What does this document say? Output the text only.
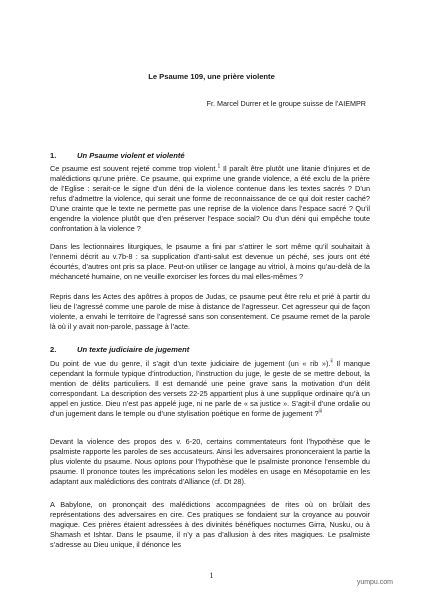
Le Psaume 109, une prière violente
Fr. Marcel Durrer et le groupe suisse de l’AIEMPR
1.	Un Psaume violent et violenté

Ce psaume est souvent rejeté comme trop violent.$^1$ Il paraît être plutôt une litanie d’injures et de malédictions qu’une prière. Ce psaume, qui exprime une grande violence, a été exclu de la prière de l’Eglise : serait-ce le signe d’un déni de la violence contenue dans les textes sacrés ? D’un refus d’admettre la violence, qui serait une forme de reconnaissance de ce qui doit rester caché? D’une crainte que le texte ne permette pas une reprise de la violence dans l’espace sacré ? Qu’il engendre la violence plutôt que d’en préserver l’espace social? Ou d’un déni qui empêche toute confrontation à la violence ?

Dans les lectionnaires liturgiques, le psaume a fini par s’attirer le sort même qu’il souhaitait à l’ennemi décrit au v.7b-8 : sa supplication d’anti-salut est devenue un péché, ses jours ont été écourtés, d’autres ont pris sa place. Peut-on utiliser ce langage au vitriol, à moins qu’au-delà de la méchanceté humaine, on ne veuille exorciser les forces du mal elles-mêmes ?

Repris dans les Actes des apôtres à propos de Judas, ce psaume peut être relu et prié à partir du lieu de l’agressé comme une parole de mise à distance de l’agresseur. Cet agresseur qui de façon violente, a envahi le territoire de l’agressé sans son consentement. Ce psaume remet de la parole là où il y avait non-parole, passage à l’acte.

2.	Un texte judiciaire de jugement

Du point de vue du genre, il s’agit d’un texte judiciaire de jugement (un « rib »).$^{ii}$ Il manque cependant la formule typique d’introduction, l’instruction du juge, le geste de se mettre debout, la mention de délits particuliers. Il est demandé une peine grave sans la motivation d’un délit correspondant. La description des versets 22-25 appartient plus à une supplique ordinaire qu’à un appel en justice. Dieu n’est pas appelé juge, ni ne parle de « sa justice ». S’agit-il d’une ordalie ou d’un jugement dans le temple ou d’une stylisation poétique en forme de jugement ?$^{iii}$

Devant la violence des propos des v. 6-20, certains commentateurs font l’hypothèse que le psalmiste rapporte les paroles de ses accusateurs. Ainsi les adversaires prononceraient la partie la plus violente du psaume. Nous optons pour l’hypothèse que le psalmiste prononce l’ensemble du psaume. Il prononce toutes les imprécations selon les modèles en usage en Mésopotamie en les adaptant aux malédictions des contrats d’Alliance (cf. Dt 28).

A Babylone, on prononçait des malédictions accompagnées de rites où on brûlait des représentations des adversaires en cire. Ces pratiques se fondaient sur la croyance au pouvoir magique. Ces prières étaient adressées à des divinités bénéfiques nocturnes Girra, Nusku, ou à Shamash et Ishtar. Dans le psaume, il n’y a pas d’allusion à des rites magiques. Le psalmiste s’adresse au Dieu unique, il dénonce les

1
yumpu.com
